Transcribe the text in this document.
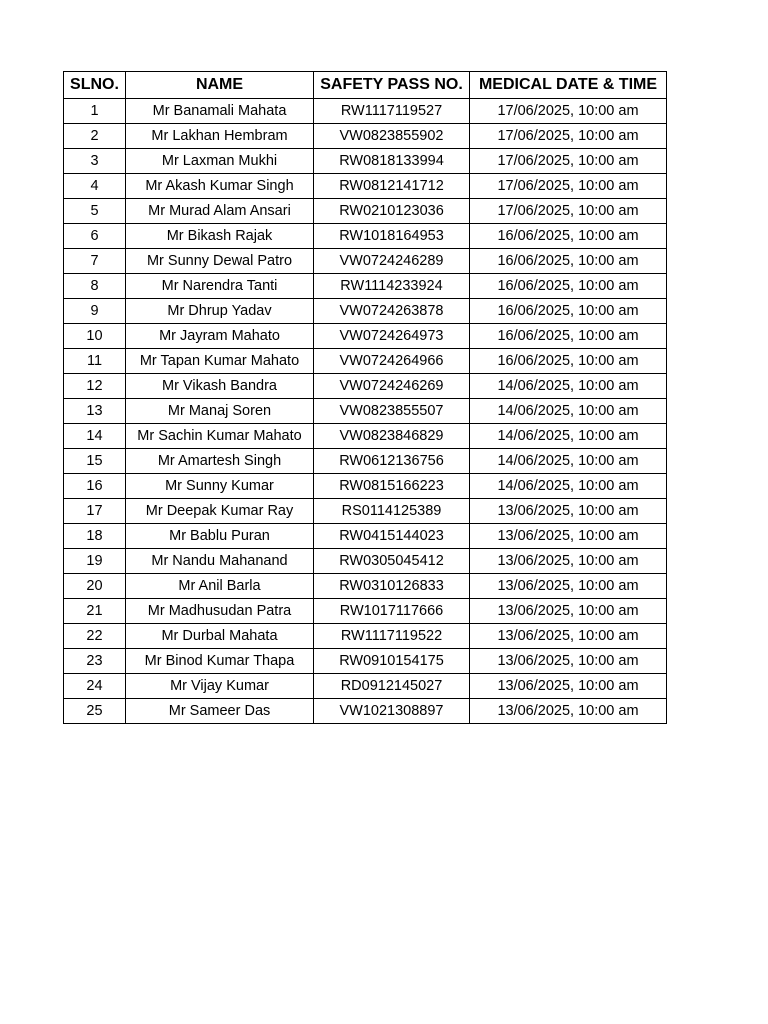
SLNO.	NAME	SAFETY PASS NO.	MEDICAL DATE & TIME
1	Mr Banamali Mahata	RW1117119527	17/06/2025, 10:00 am
2	Mr Lakhan Hembram	VW0823855902	17/06/2025, 10:00 am
3	Mr Laxman Mukhi	RW0818133994	17/06/2025, 10:00 am
4	Mr Akash Kumar Singh	RW0812141712	17/06/2025, 10:00 am
5	Mr Murad Alam Ansari	RW0210123036	17/06/2025, 10:00 am
6	Mr Bikash Rajak	RW1018164953	16/06/2025, 10:00 am
7	Mr Sunny Dewal Patro	VW0724246289	16/06/2025, 10:00 am
8	Mr Narendra Tanti	RW1114233924	16/06/2025, 10:00 am
9	Mr Dhrup Yadav	VW0724263878	16/06/2025, 10:00 am
10	Mr Jayram Mahato	VW0724264973	16/06/2025, 10:00 am
11	Mr Tapan Kumar Mahato	VW0724264966	16/06/2025, 10:00 am
12	Mr Vikash Bandra	VW0724246269	14/06/2025, 10:00 am
13	Mr Manaj Soren	VW0823855507	14/06/2025, 10:00 am
14	Mr Sachin Kumar Mahato	VW0823846829	14/06/2025, 10:00 am
15	Mr Amartesh Singh	RW0612136756	14/06/2025, 10:00 am
16	Mr Sunny Kumar	RW0815166223	14/06/2025, 10:00 am
17	Mr Deepak Kumar Ray	RS0114125389	13/06/2025, 10:00 am
18	Mr Bablu Puran	RW0415144023	13/06/2025, 10:00 am
19	Mr Nandu Mahanand	RW0305045412	13/06/2025, 10:00 am
20	Mr Anil Barla	RW0310126833	13/06/2025, 10:00 am
21	Mr Madhusudan Patra	RW1017117666	13/06/2025, 10:00 am
22	Mr Durbal Mahata	RW1117119522	13/06/2025, 10:00 am
23	Mr Binod Kumar Thapa	RW0910154175	13/06/2025, 10:00 am
24	Mr Vijay Kumar	RD0912145027	13/06/2025, 10:00 am
25	Mr Sameer Das	VW1021308897	13/06/2025, 10:00 am
